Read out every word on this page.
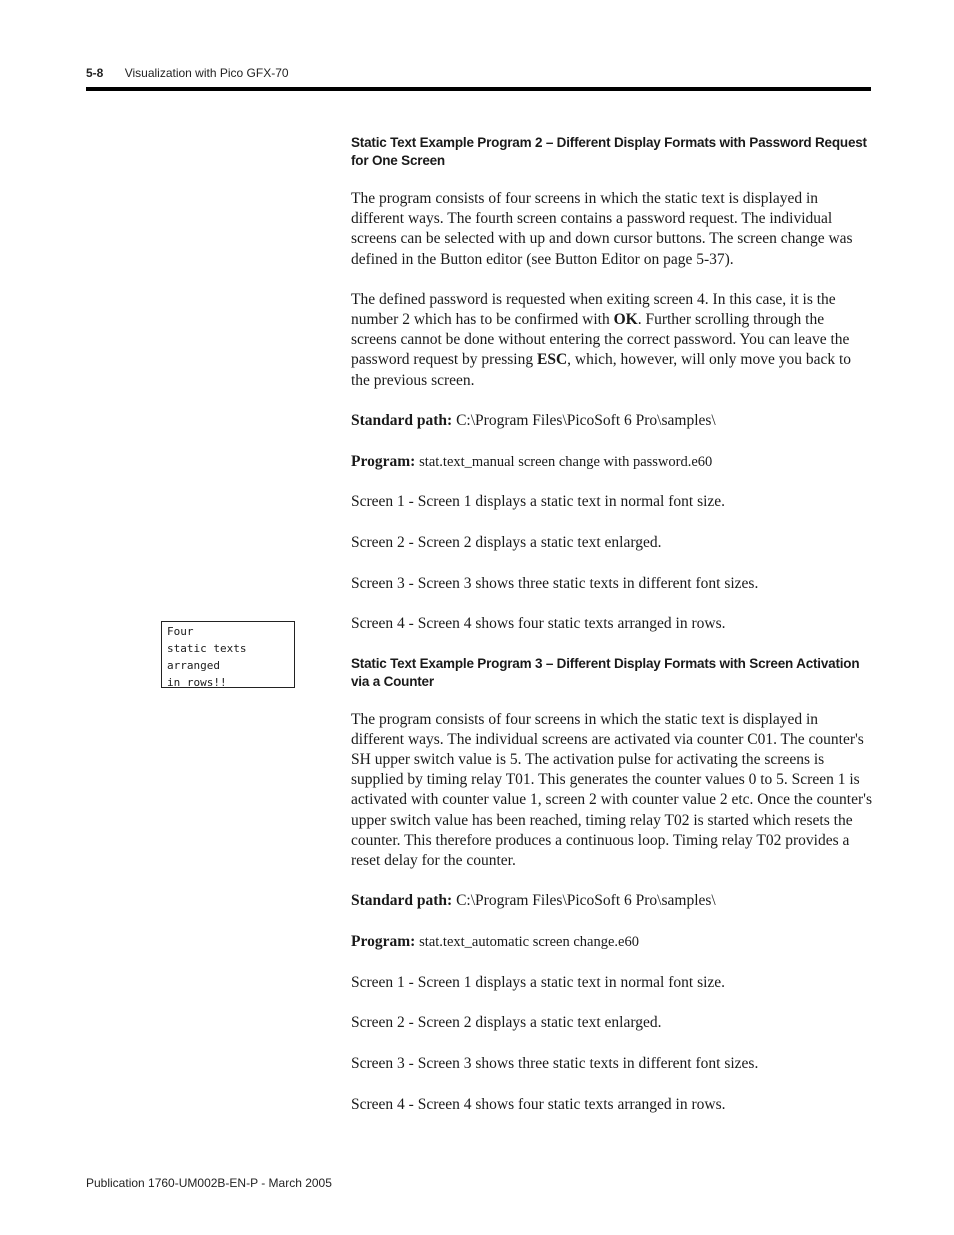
5-8 Visualization with Pico GFX-70
Static Text Example Program 2 – Different Display Formats with Password Request for One Screen

The program consists of four screens in which the static text is displayed in different ways. The fourth screen contains a password request. The individual screens can be selected with up and down cursor buttons. The screen change was defined in the Button editor (see Button Editor on page 5-37).

The defined password is requested when exiting screen 4. In this case, it is the number 2 which has to be confirmed with OK. Further scrolling through the screens cannot be done without entering the correct password. You can leave the password request by pressing ESC, which, however, will only move you back to the previous screen.

Standard path: C:\Program Files\PicoSoft 6 Pro\samples\

Program: stat.text_manual screen change with password.e60

Screen 1 - Screen 1 displays a static text in normal font size.

Screen 2 - Screen 2 displays a static text enlarged.

Screen 3 - Screen 3 shows three static texts in different font sizes.

Screen 4 - Screen 4 shows four static texts arranged in rows.

Static Text Example Program 3 – Different Display Formats with Screen Activation via a Counter

The program consists of four screens in which the static text is displayed in different ways. The individual screens are activated via counter C01. The counter's SH upper switch value is 5. The activation pulse for activating the screens is supplied by timing relay T01. This generates the counter values 0 to 5. Screen 1 is activated with counter value 1, screen 2 with counter value 2 etc. Once the counter's upper switch value has been reached, timing relay T02 is started which resets the counter. This therefore produces a continuous loop. Timing relay T02 provides a reset delay for the counter.

Standard path: C:\Program Files\PicoSoft 6 Pro\samples\

Program: stat.text_automatic screen change.e60

Screen 1 - Screen 1 displays a static text in normal font size.

Screen 2 - Screen 2 displays a static text enlarged.

Screen 3 - Screen 3 shows three static texts in different font sizes.

Screen 4 - Screen 4 shows four static texts arranged in rows.

Four
static texts
arranged
in rows!!
Publication 1760-UM002B-EN-P - March 2005
